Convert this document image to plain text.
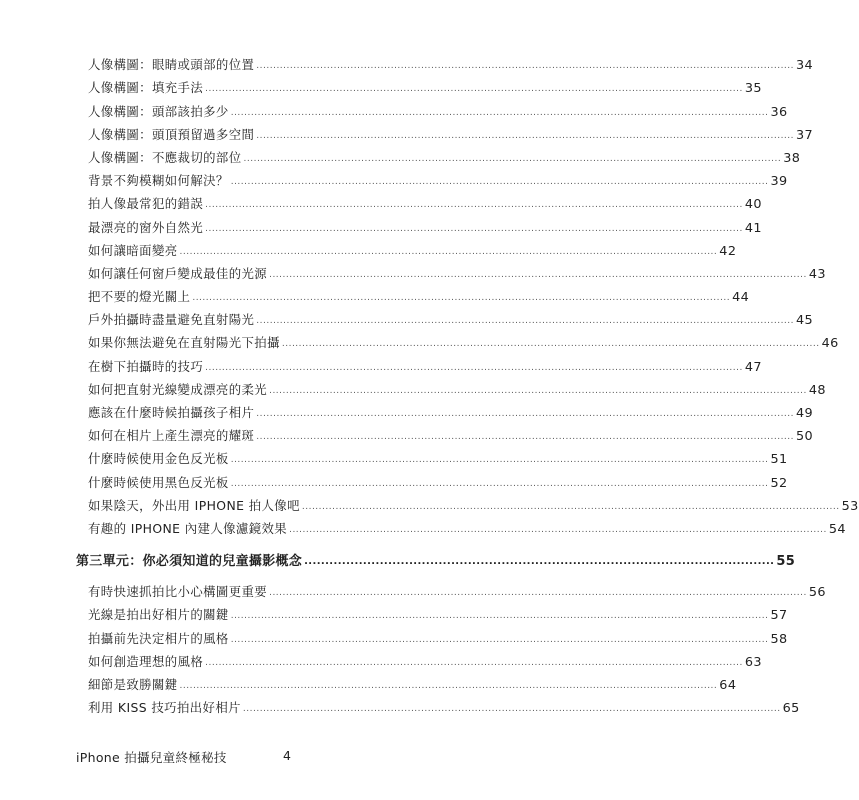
人像構圖：眼睛或頭部的位置 ................................................................................................................................................................ 34
人像構圖：填充手法 ................................................................................................................................................................ 35
人像構圖：頭部該拍多少 ................................................................................................................................................................ 36
人像構圖：頭頂預留過多空間 ................................................................................................................................................................ 37
人像構圖：不應裁切的部位 ................................................................................................................................................................ 38
背景不夠模糊如何解決？ ................................................................................................................................................................ 39
拍人像最常犯的錯誤 ................................................................................................................................................................ 40
最漂亮的窗外自然光 ................................................................................................................................................................ 41
如何讓暗面變亮 ................................................................................................................................................................ 42
如何讓任何窗戶變成最佳的光源 ................................................................................................................................................................ 43
把不要的燈光關上 ................................................................................................................................................................ 44
戶外拍攝時盡量避免直射陽光 ................................................................................................................................................................ 45
如果你無法避免在直射陽光下拍攝 ................................................................................................................................................................ 46
在樹下拍攝時的技巧 ................................................................................................................................................................ 47
如何把直射光線變成漂亮的柔光 ................................................................................................................................................................ 48
應該在什麼時候拍攝孩子相片 ................................................................................................................................................................ 49
如何在相片上產生漂亮的耀斑 ................................................................................................................................................................ 50
什麼時候使用金色反光板 ................................................................................................................................................................ 51
什麼時候使用黑色反光板 ................................................................................................................................................................ 52
如果陰天，外出用 IPHONE 拍人像吧 ................................................................................................................................................................ 53
有趣的 IPHONE 內建人像濾鏡效果 ................................................................................................................................................................ 54
第三單元：你必須知道的兒童攝影概念 ................................................................................................................ 55
有時快速抓拍比小心構圖更重要 ................................................................................................................................................................ 56
光線是拍出好相片的關鍵 ................................................................................................................................................................ 57
拍攝前先決定相片的風格 ................................................................................................................................................................ 58
如何創造理想的風格 ................................................................................................................................................................ 63
細節是致勝關鍵 ................................................................................................................................................................ 64
利用 KISS 技巧拍出好相片 ................................................................................................................................................................ 65
iPhone 拍攝兒童終極秘技	4
